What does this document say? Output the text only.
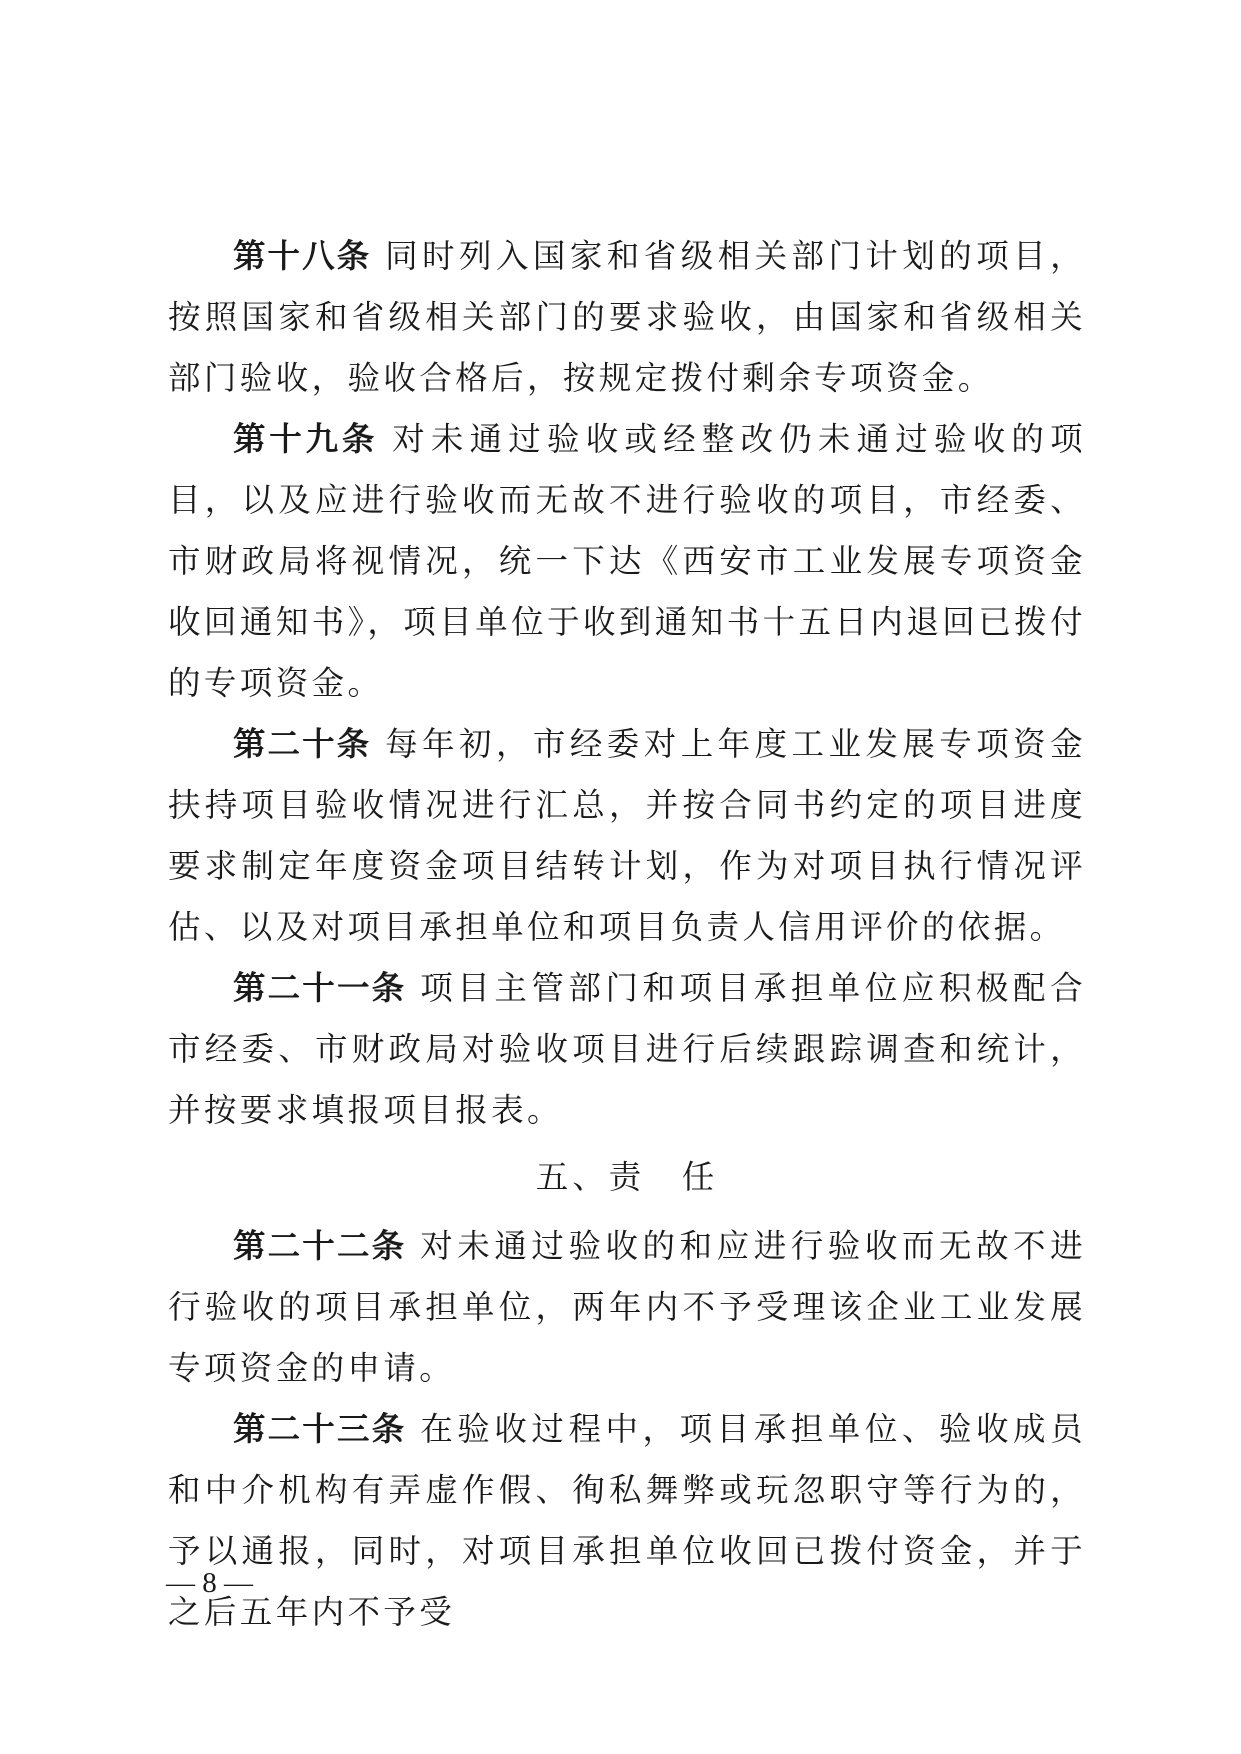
第十八条 同时列入国家和省级相关部门计划的项目，按照国家和省级相关部门的要求验收，由国家和省级相关部门验收，验收合格后，按规定拨付剩余专项资金。

第十九条 对未通过验收或经整改仍未通过验收的项目，以及应进行验收而无故不进行验收的项目，市经委、市财政局将视情况，统一下达《西安市工业发展专项资金收回通知书》，项目单位于收到通知书十五日内退回已拨付的专项资金。

第二十条 每年初，市经委对上年度工业发展专项资金扶持项目验收情况进行汇总，并按合同书约定的项目进度要求制定年度资金项目结转计划，作为对项目执行情况评估、以及对项目承担单位和项目负责人信用评价的依据。

第二十一条 项目主管部门和项目承担单位应积极配合市经委、市财政局对验收项目进行后续跟踪调查和统计，并按要求填报项目报表。

五、责　任

第二十二条 对未通过验收的和应进行验收而无故不进行验收的项目承担单位，两年内不予受理该企业工业发展专项资金的申请。

第二十三条 在验收过程中，项目承担单位、验收成员和中介机构有弄虚作假、徇私舞弊或玩忽职守等行为的，予以通报，同时，对项目承担单位收回已拨付资金，并于之后五年内不予受

— 8 —
